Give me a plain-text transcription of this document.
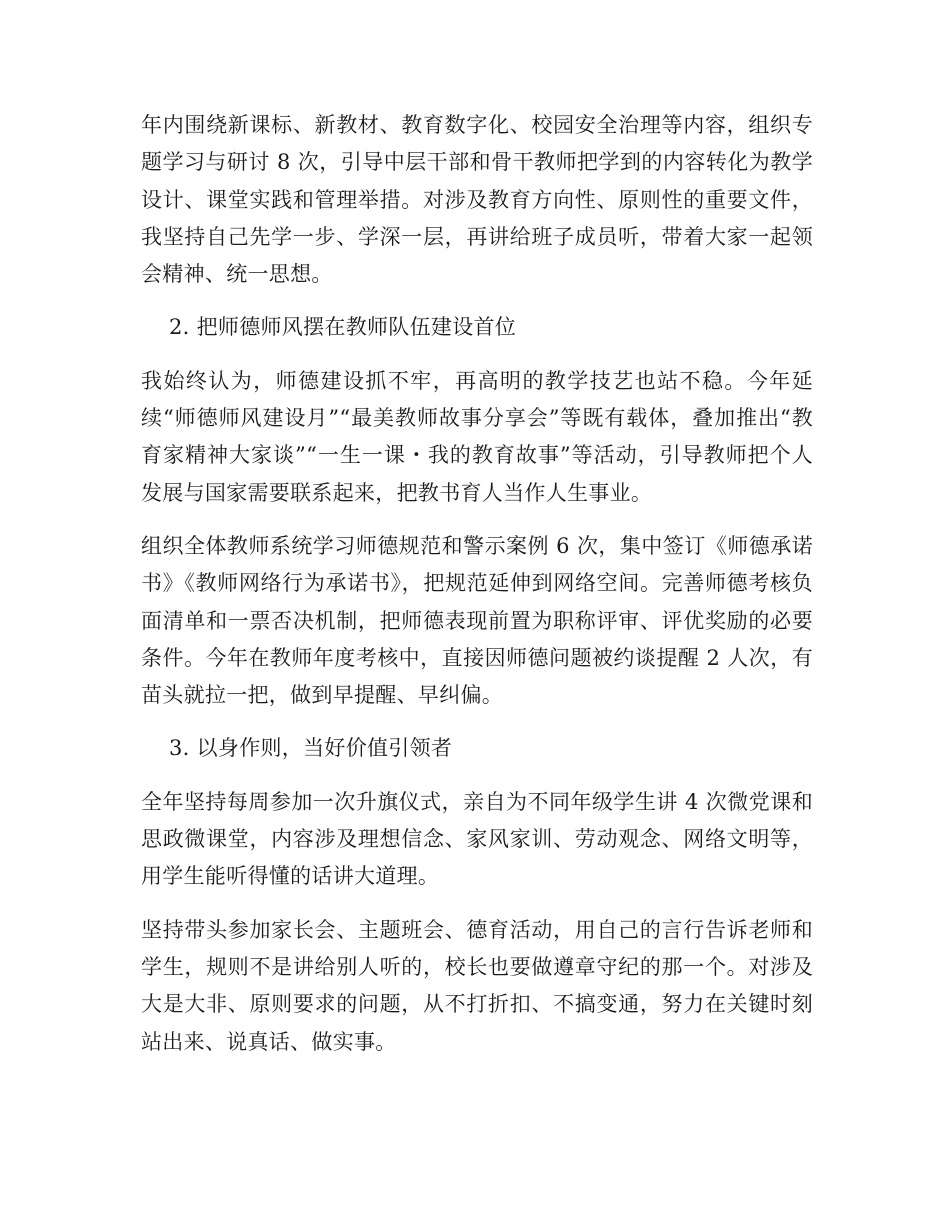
年内围绕新课标、新教材、教育数字化、校园安全治理等内容，组织专题学习与研讨 8 次，引导中层干部和骨干教师把学到的内容转化为教学设计、课堂实践和管理举措。对涉及教育方向性、原则性的重要文件，我坚持自己先学一步、学深一层，再讲给班子成员听，带着大家一起领会精神、统一思想。

2. 把师德师风摆在教师队伍建设首位

我始终认为，师德建设抓不牢，再高明的教学技艺也站不稳。今年延续“师德师风建设月”“最美教师故事分享会”等既有载体，叠加推出“教育家精神大家谈”“一生一课・我的教育故事”等活动，引导教师把个人发展与国家需要联系起来，把教书育人当作人生事业。

组织全体教师系统学习师德规范和警示案例 6 次，集中签订《师德承诺书》《教师网络行为承诺书》，把规范延伸到网络空间。完善师德考核负面清单和一票否决机制，把师德表现前置为职称评审、评优奖励的必要条件。今年在教师年度考核中，直接因师德问题被约谈提醒 2 人次，有苗头就拉一把，做到早提醒、早纠偏。

3. 以身作则，当好价值引领者

全年坚持每周参加一次升旗仪式，亲自为不同年级学生讲 4 次微党课和思政微课堂，内容涉及理想信念、家风家训、劳动观念、网络文明等，用学生能听得懂的话讲大道理。

坚持带头参加家长会、主题班会、德育活动，用自己的言行告诉老师和学生，规则不是讲给别人听的，校长也要做遵章守纪的那一个。对涉及大是大非、原则要求的问题，从不打折扣、不搞变通，努力在关键时刻站出来、说真话、做实事。
